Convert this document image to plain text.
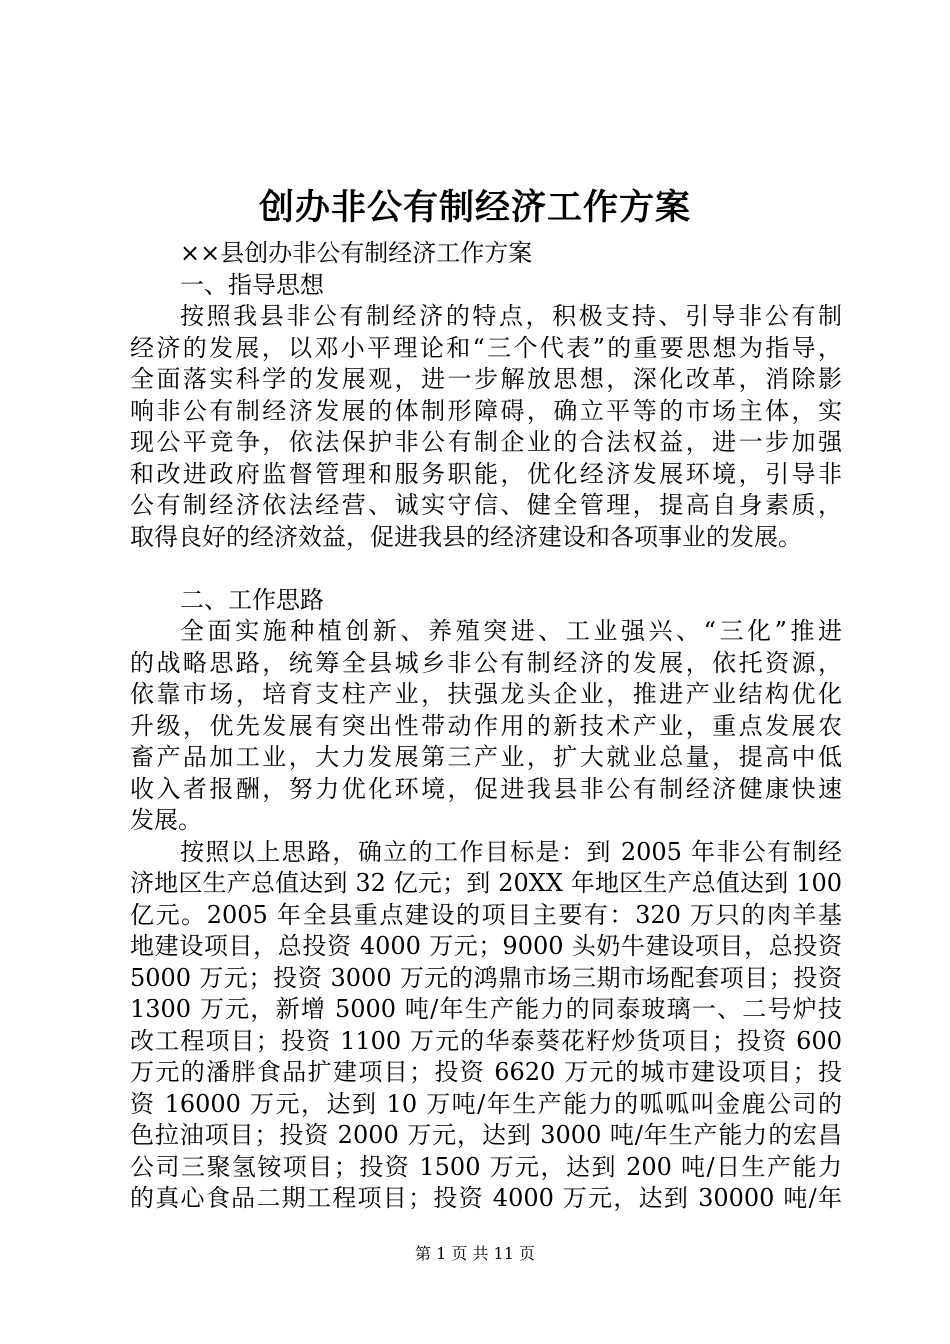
创办非公有制经济工作方案
××县创办非公有制经济工作方案
一、指导思想
按照我县非公有制经济的特点，积极支持、引导非公有制
经济的发展，以邓小平理论和“三个代表”的重要思想为指导，
全面落实科学的发展观，进一步解放思想，深化改革，消除影
响非公有制经济发展的体制形障碍，确立平等的市场主体，实
现公平竞争，依法保护非公有制企业的合法权益，进一步加强
和改进政府监督管理和服务职能，优化经济发展环境，引导非
公有制经济依法经营、诚实守信、健全管理，提高自身素质，
取得良好的经济效益，促进我县的经济建设和各项事业的发展。
二、工作思路
全面实施种植创新、养殖突进、工业强兴、“三化”推进
的战略思路，统筹全县城乡非公有制经济的发展，依托资源，
依靠市场，培育支柱产业，扶强龙头企业，推进产业结构优化
升级，优先发展有突出性带动作用的新技术产业，重点发展农
畜产品加工业，大力发展第三产业，扩大就业总量，提高中低
收入者报酬，努力优化环境，促进我县非公有制经济健康快速
发展。
按照以上思路，确立的工作目标是：到 2005 年非公有制经
济地区生产总值达到 32 亿元；到 20XX 年地区生产总值达到 100
亿元。2005 年全县重点建设的项目主要有：320 万只的肉羊基
地建设项目，总投资 4000 万元；9000 头奶牛建设项目，总投资
5000 万元；投资 3000 万元的鸿鼎市场三期市场配套项目；投资
1300 万元，新增 5000 吨/年生产能力的同泰玻璃一、二号炉技
改工程项目；投资 1100 万元的华泰葵花籽炒货项目；投资 600
万元的潘胖食品扩建项目；投资 6620 万元的城市建设项目；投
资 16000 万元，达到 10 万吨/年生产能力的呱呱叫金鹿公司的
色拉油项目；投资 2000 万元，达到 3000 吨/年生产能力的宏昌
公司三聚氢铵项目；投资 1500 万元，达到 200 吨/日生产能力
的真心食品二期工程项目；投资 4000 万元，达到 30000 吨/年
第 1 页 共 11 页
